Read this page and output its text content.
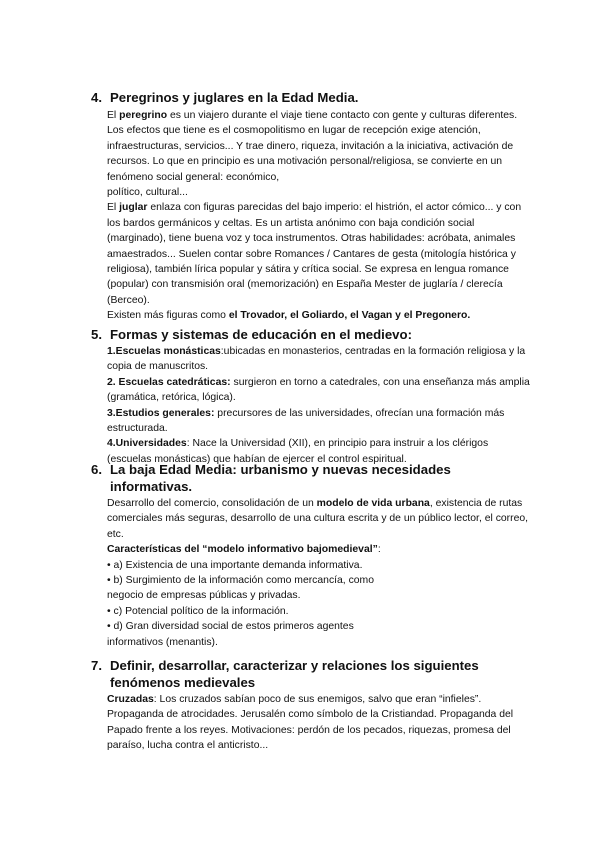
4. Peregrinos y juglares en la Edad Media.

El peregrino es un viajero durante el viaje tiene contacto con gente y culturas diferentes. Los efectos que tiene es el cosmopolitismo en lugar de recepción exige atención, infraestructuras, servicios... Y trae dinero, riqueza, invitación a la iniciativa, activación de recursos. Lo que en principio es una motivación personal/religiosa, se convierte en un fenómeno social general: económico,

político, cultural...

El juglar enlaza con figuras parecidas del bajo imperio: el histrión, el actor cómico... y con los bardos germánicos y celtas. Es un artista anónimo con baja condición social (marginado), tiene buena voz y toca instrumentos. Otras habilidades: acróbata, animales amaestrados... Suelen contar sobre Romances / Cantares de gesta (mitología histórica y religiosa), también lírica popular y sátira y crítica social. Se expresa en lengua romance (popular) con transmisión oral (memorización) en España Mester de juglaría / clerecía (Berceo).

Existen más figuras como el Trovador, el Goliardo, el Vagan y el Pregonero.

5. Formas y sistemas de educación en el medievo:

1.Escuelas monásticas:ubicadas en monasterios, centradas en la formación religiosa y la copia de manuscritos.

2. Escuelas catedráticas: surgieron en torno a catedrales, con una enseñanza más amplia (gramática, retórica, lógica).

3.Estudios generales: precursores de las universidades, ofrecían una formación más estructurada.

4.Universidades: Nace la Universidad (XII), en principio para instruir a los clérigos (escuelas monásticas) que habían de ejercer el control espiritual.

6. La baja Edad Media: urbanismo y nuevas necesidades informativas.

Desarrollo del comercio, consolidación de un modelo de vida urbana, existencia de rutas comerciales más seguras, desarrollo de una cultura escrita y de un público lector, el correo, etc.

Características del “modelo informativo bajomedieval”:

• a) Existencia de una importante demanda informativa.

• b) Surgimiento de la información como mercancía, como

negocio de empresas públicas y privadas.

• c) Potencial político de la información.

• d) Gran diversidad social de estos primeros agentes

informativos (menantis).

7. Definir, desarrollar, caracterizar y relaciones los siguientes fenómenos medievales

Cruzadas: Los cruzados sabían poco de sus enemigos, salvo que eran “infieles”. Propaganda de atrocidades. Jerusalén como símbolo de la Cristiandad. Propaganda del Papado frente a los reyes. Motivaciones: perdón de los pecados, riquezas, promesa del paraíso, lucha contra el anticristo...
